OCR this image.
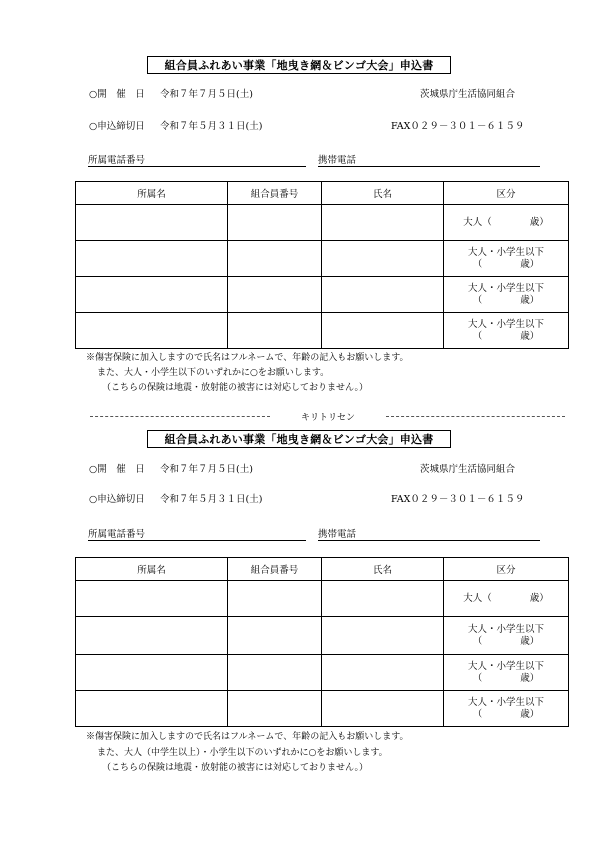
組合員ふれあい事業「地曳き網＆ビンゴ大会」申込書
○開　催　日 令和７年７月５日(土)	茨城県庁生活協同組合
○申込締切日 令和７年５月３１日(土)	FAX０２９－３０１－６１５９
所属電話番号	携帯電話
所属名	組合員番号	氏名	区分

			大人（　　　　歳）

			大人・小学生以下
（　　　　歳）

			大人・小学生以下
（　　　　歳）

			大人・小学生以下
（　　　　歳）
※傷害保険に加入しますので氏名はフルネームで、年齢の記入もお願いします。
また、大人・小学生以下のいずれかに○をお願いします。
（こちらの保険は地震・放射能の被害には対応しておりません。）
キリトリセン
組合員ふれあい事業「地曳き網＆ビンゴ大会」申込書
○開　催　日 令和７年７月５日(土)	茨城県庁生活協同組合
○申込締切日 令和７年５月３１日(土)	FAX０２９－３０１－６１５９
所属電話番号	携帯電話
所属名	組合員番号	氏名	区分

			大人（　　　　歳）

			大人・小学生以下
（　　　　歳）

			大人・小学生以下
（　　　　歳）

			大人・小学生以下
（　　　　歳）
※傷害保険に加入しますので氏名はフルネームで、年齢の記入もお願いします。
また、大人（中学生以上）・小学生以下のいずれかに○をお願いします。
（こちらの保険は地震・放射能の被害には対応しておりません。）
